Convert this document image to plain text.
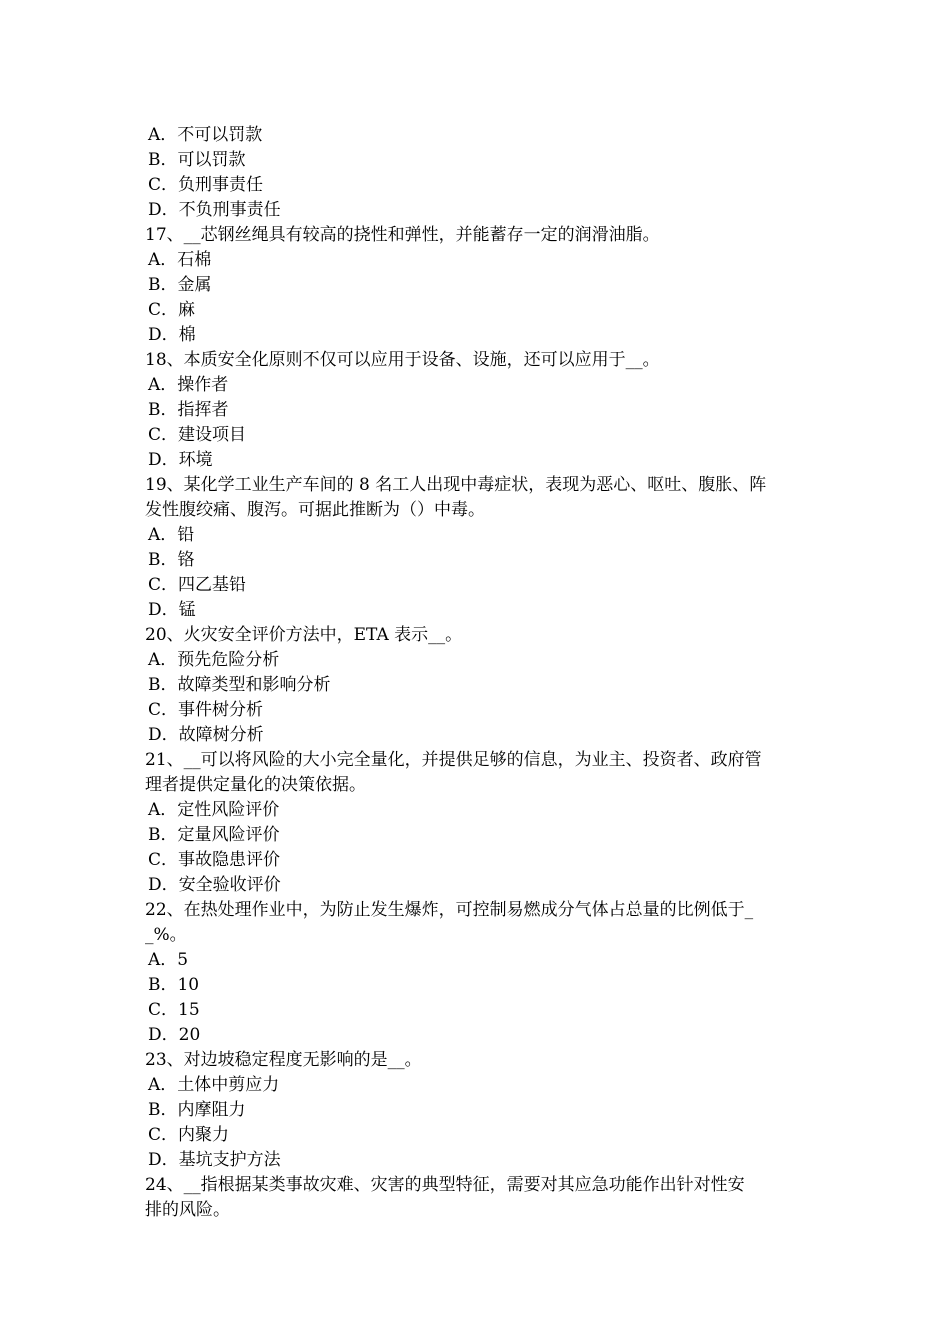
A．不可以罚款
B．可以罚款
C．负刑事责任
D．不负刑事责任
17、__芯钢丝绳具有较高的挠性和弹性，并能蓄存一定的润滑油脂。
A．石棉
B．金属
C．麻
D．棉
18、本质安全化原则不仅可以应用于设备、设施，还可以应用于__。
A．操作者
B．指挥者
C．建设项目
D．环境
19、某化学工业生产车间的 8 名工人出现中毒症状，表现为恶心、呕吐、腹胀、阵
发性腹绞痛、腹泻。可据此推断为（）中毒。
A．铅
B．铬
C．四乙基铅
D．锰
20、火灾安全评价方法中，ETA 表示__。
A．预先危险分析
B．故障类型和影响分析
C．事件树分析
D．故障树分析
21、__可以将风险的大小完全量化，并提供足够的信息，为业主、投资者、政府管
理者提供定量化的决策依据。
A．定性风险评价
B．定量风险评价
C．事故隐患评价
D．安全验收评价
22、在热处理作业中，为防止发生爆炸，可控制易燃成分气体占总量的比例低于_
_%。
A．5
B．10
C．15
D．20
23、对边坡稳定程度无影响的是__。
A．土体中剪应力
B．内摩阻力
C．内聚力
D．基坑支护方法
24、__指根据某类事故灾难、灾害的典型特征，需要对其应急功能作出针对性安
排的风险。
